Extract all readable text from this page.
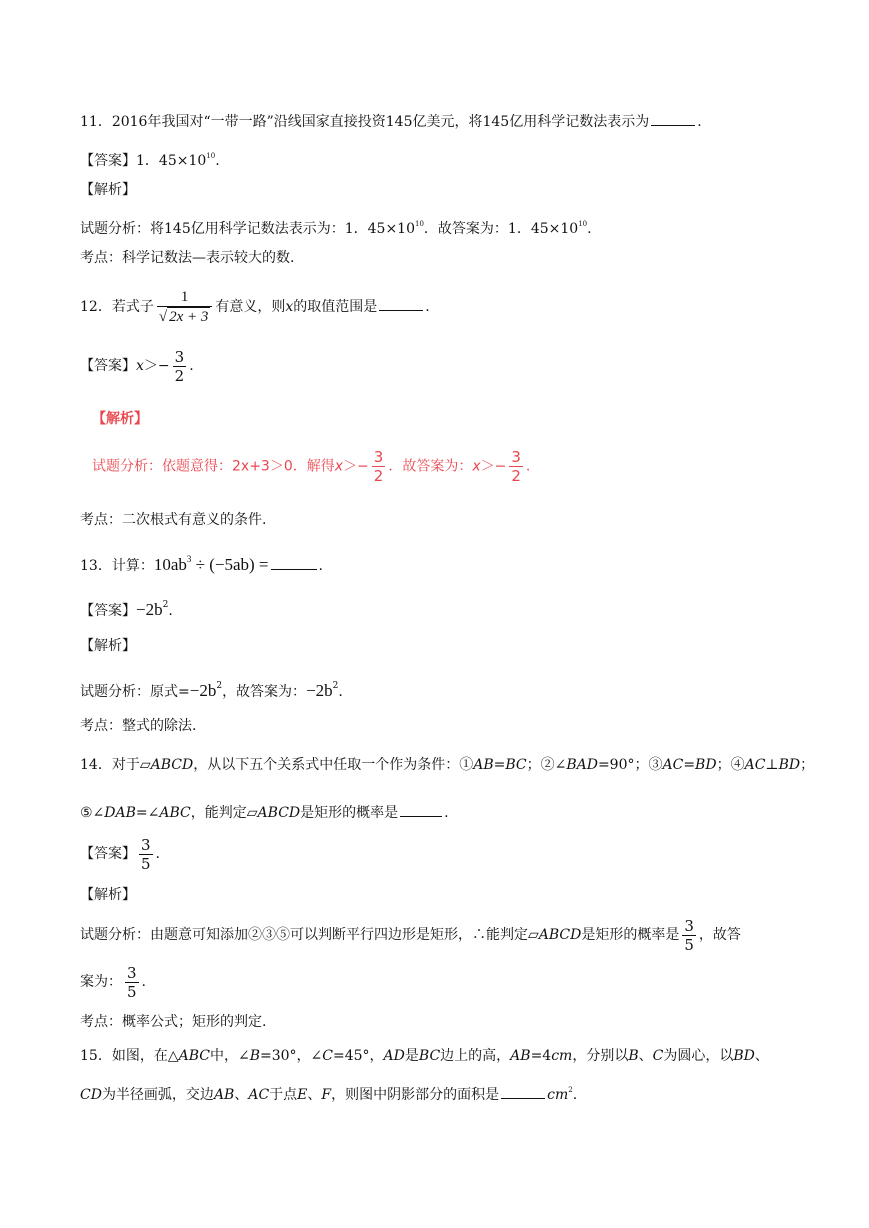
11．2016年我国对“一带一路”沿线国家直接投资145亿美元，将145亿用科学记数法表示为	.
【答案】1．$45\times 10^{10}$.
【解析】
试题分析：将145亿用科学记数法表示为：1．$45\times 10^{10}$．故答案为：1．$45\times 10^{10}$.
考点：科学记数法—表示较大的数.
12．若式子 $\frac{1}{√ 2x + 3}$ 有意义，则x的取值范围是	.
【答案】$x>- \frac{3}{2}$ .
【解析】
试题分析：依题意得：2x+3＞0．解得$x>- \frac{3}{2}$ ．故答案为：$x>- \frac{3}{2}$ .
考点：二次根式有意义的条件.
13．计算：$10ab^3 \div (-5ab)$ =	.
【答案】$-2b^2$.
【解析】
试题分析：原式$=-2b^2$，故答案为：$-2b^2$.
考点：整式的除法.
14．对于▱ABCD，从以下五个关系式中任取一个作为条件：①AB=BC；②∠BAD=90°；③AC=BD；④AC⊥BD；
⑤∠DAB=∠ABC，能判定▱ABCD是矩形的概率是	.
【答案】 $\frac{3}{5}$ .
【解析】
试题分析：由题意可知添加②③⑤可以判断平行四边形是矩形，∴能判定▱ABCD是矩形的概率是 $\frac{3}{5}$ ，故答
案为： $\frac{3}{5}$ .
考点：概率公式；矩形的判定.
15．如图，在△ABC中，∠B=30°，∠C=45°，AD是BC边上的高，AB=4cm，分别以B、C为圆心，以BD、
CD为半径画弧，交边AB、AC于点E、F，则图中阴影部分的面积是	$cm^2$.
